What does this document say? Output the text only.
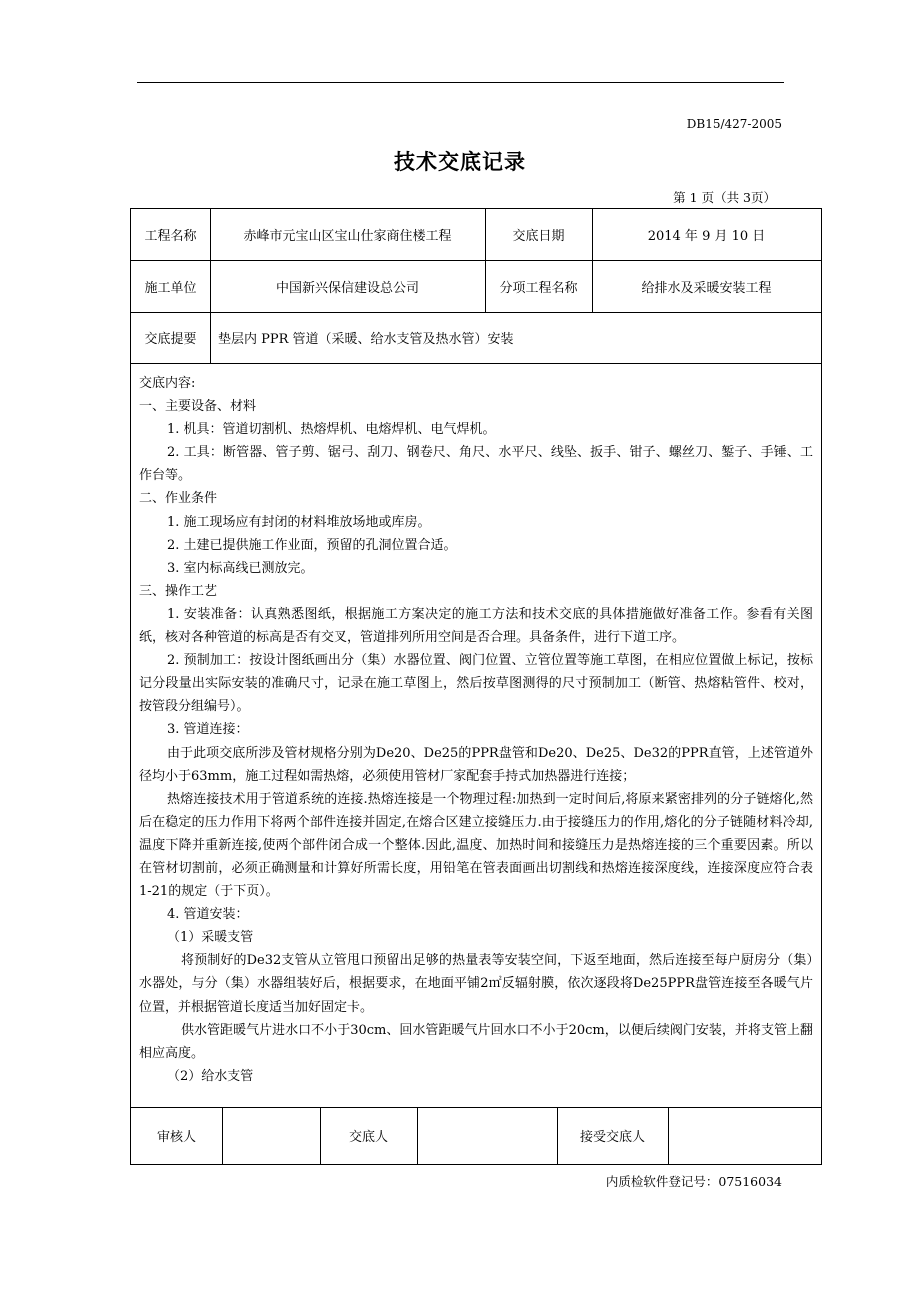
DB15/427-2005
技术交底记录
第 1 页（共 3页）
工程名称	赤峰市元宝山区宝山仕家商住楼工程	交底日期	2014 年 9 月 10 日
施工单位	中国新兴保信建设总公司	分项工程名称	给排水及采暖安装工程
交底提要	垫层内 PPR 管道（采暖、给水支管及热水管）安装

交底内容:

一、主要设备、材料

1. 机具：管道切割机、热熔焊机、电熔焊机、电气焊机。

2. 工具：断管器、管子剪、锯弓、刮刀、钢卷尺、角尺、水平尺、线坠、扳手、钳子、螺丝刀、錾子、手锤、工作台等。

二、作业条件

1. 施工现场应有封闭的材料堆放场地或库房。

2. 土建已提供施工作业面，预留的孔洞位置合适。

3. 室内标高线已测放完。

三、操作工艺

1. 安装准备：认真熟悉图纸，根据施工方案决定的施工方法和技术交底的具体措施做好准备工作。参看有关图纸，核对各种管道的标高是否有交叉，管道排列所用空间是否合理。具备条件，进行下道工序。

2. 预制加工：按设计图纸画出分（集）水器位置、阀门位置、立管位置等施工草图，在相应位置做上标记，按标记分段量出实际安装的准确尺寸，记录在施工草图上，然后按草图测得的尺寸预制加工（断管、热熔粘管件、校对，按管段分组编号）。

3. 管道连接：

由于此项交底所涉及管材规格分别为De20、De25的PPR盘管和De20、De25、De32的PPR直管，上述管道外径均小于63mm，施工过程如需热熔，必须使用管材厂家配套手持式加热器进行连接；

热熔连接技术用于管道系统的连接.热熔连接是一个物理过程:加热到一定时间后,将原来紧密排列的分子链熔化,然后在稳定的压力作用下将两个部件连接并固定,在熔合区建立接缝压力.由于接缝压力的作用,熔化的分子链随材料冷却,温度下降并重新连接,使两个部件闭合成一个整体.因此,温度、加热时间和接缝压力是热熔连接的三个重要因素。所以在管材切割前，必须正确测量和计算好所需长度，用铅笔在管表面画出切割线和热熔连接深度线，连接深度应符合表1-21的规定（于下页）。

4. 管道安装：

（1）采暖支管

将预制好的De32支管从立管甩口预留出足够的热量表等安装空间，下返至地面，然后连接至每户厨房分（集）水器处，与分（集）水器组装好后，根据要求，在地面平铺2㎡反辐射膜，依次逐段将De25PPR盘管连接至各暖气片位置，并根据管道长度适当加好固定卡。

供水管距暖气片进水口不小于30cm、回水管距暖气片回水口不小于20cm，以便后续阀门安装，并将支管上翻相应高度。

（2）给水支管

审核人	交底人	接受交底人
内质检软件登记号：07516034
